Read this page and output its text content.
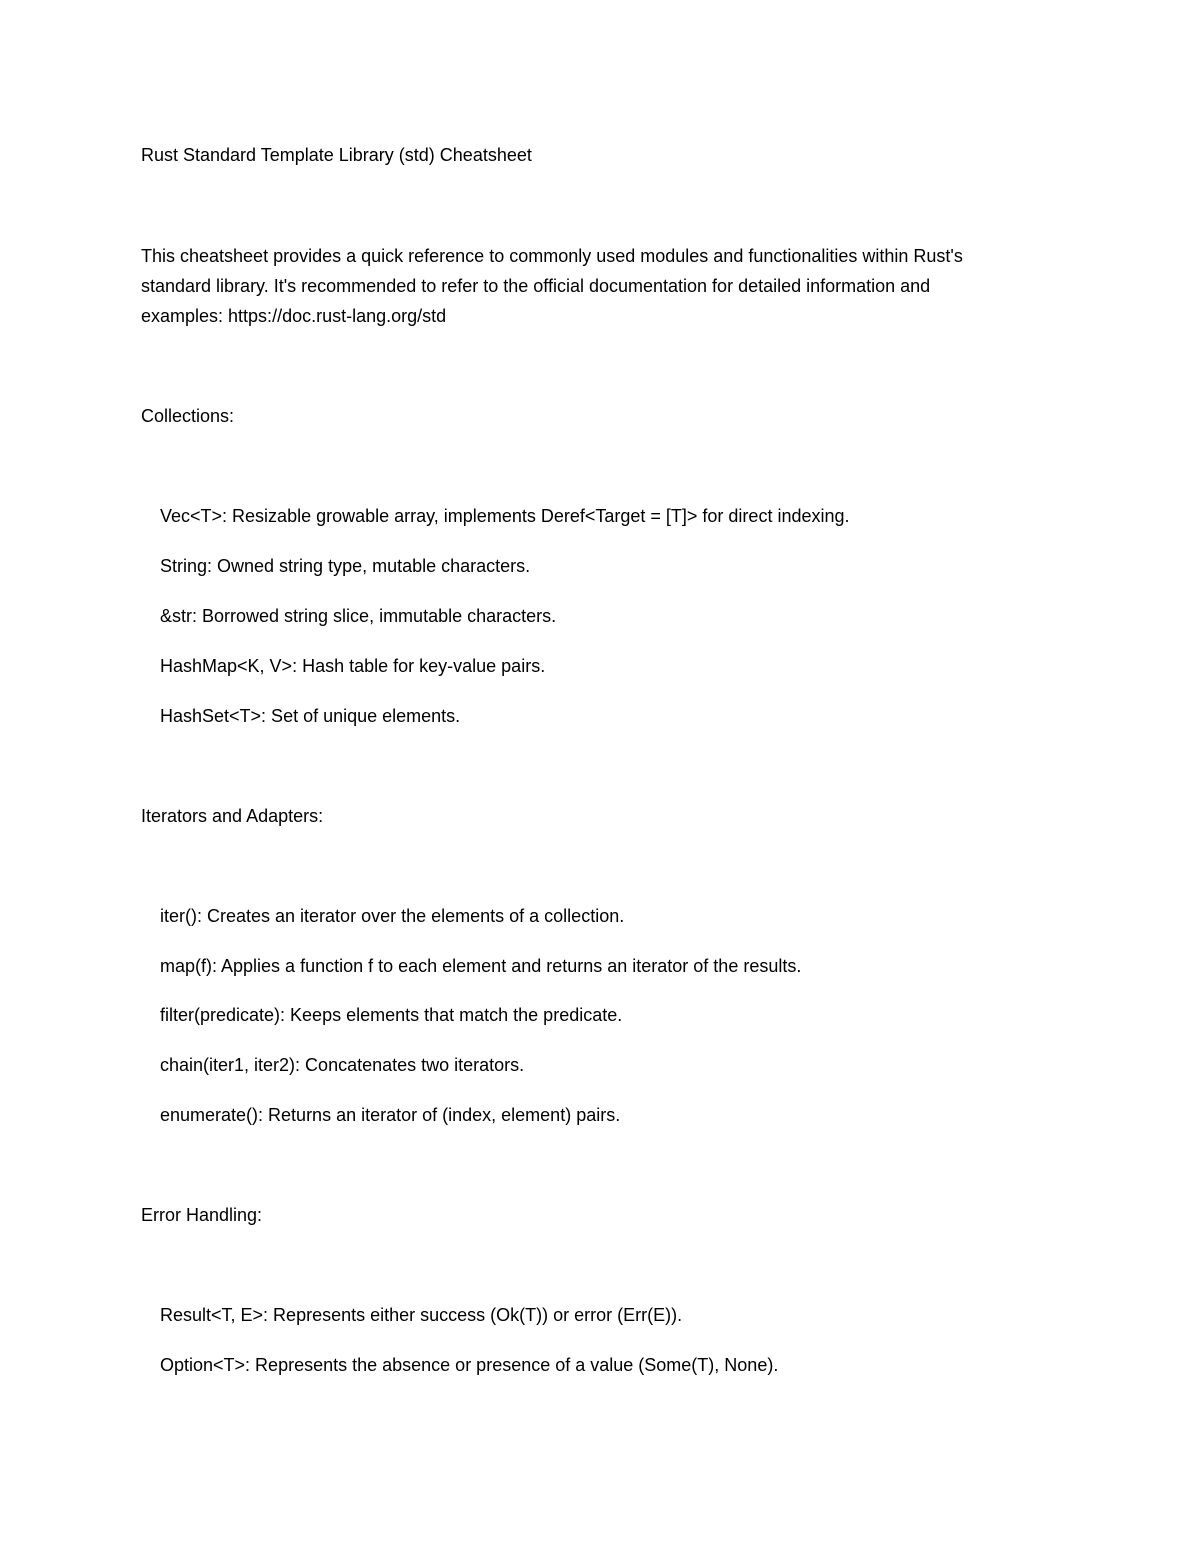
Rust Standard Template Library (std) Cheatsheet
This cheatsheet provides a quick reference to commonly used modules and functionalities within Rust's
standard library. It's recommended to refer to the official documentation for detailed information and
examples: https://doc.rust-lang.org/std
Collections:
Vec<T>: Resizable growable array, implements Deref<Target = [T]> for direct indexing.
String: Owned string type, mutable characters.
&str: Borrowed string slice, immutable characters.
HashMap<K, V>: Hash table for key-value pairs.
HashSet<T>: Set of unique elements.
Iterators and Adapters:
iter(): Creates an iterator over the elements of a collection.
map(f): Applies a function f to each element and returns an iterator of the results.
filter(predicate): Keeps elements that match the predicate.
chain(iter1, iter2): Concatenates two iterators.
enumerate(): Returns an iterator of (index, element) pairs.
Error Handling:
Result<T, E>: Represents either success (Ok(T)) or error (Err(E)).
Option<T>: Represents the absence or presence of a value (Some(T), None).
